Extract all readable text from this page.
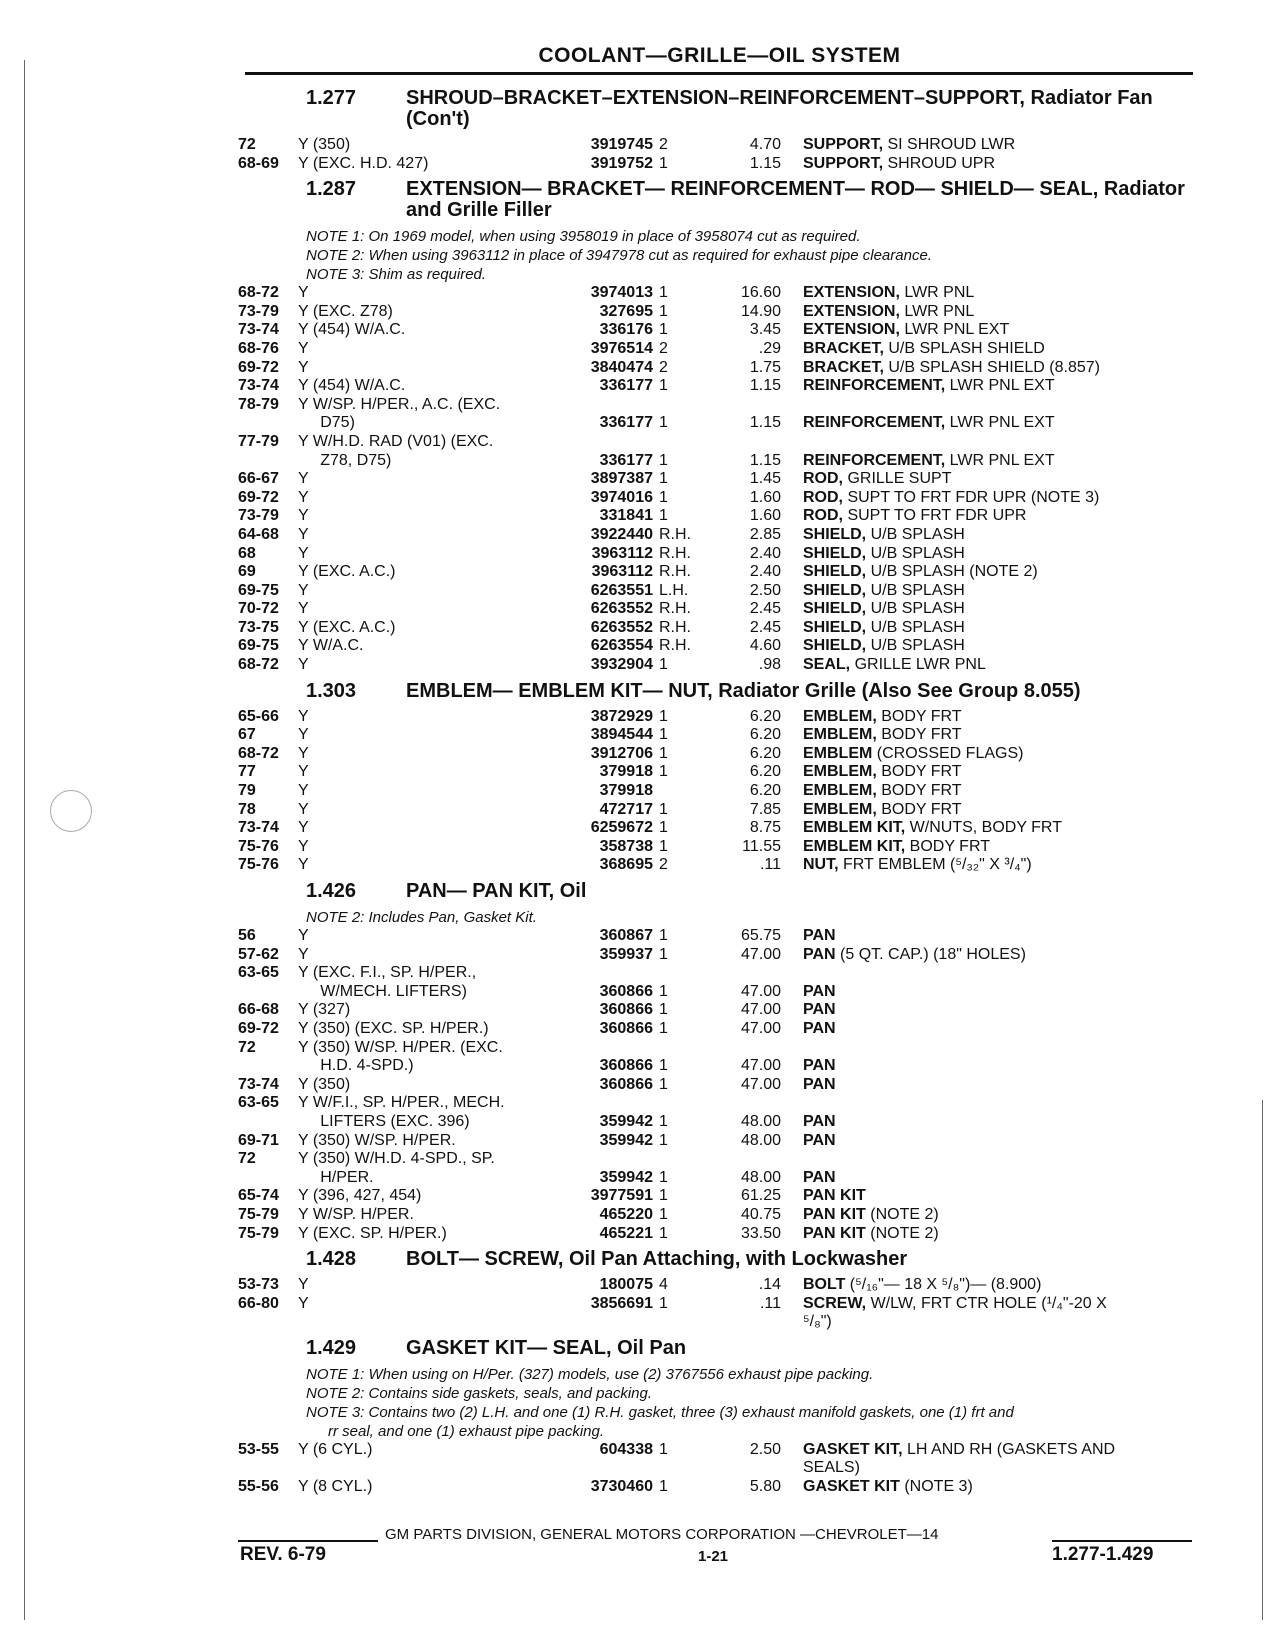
COOLANT—GRILLE—OIL SYSTEM
1.277	SHROUD–BRACKET–EXTENSION–REINFORCEMENT–SUPPORT, Radiator Fan (Con't)
72	Y (350)	3919745 2	4.70	SUPPORT, SI SHROUD LWR
68-69	Y (EXC. H.D. 427)	3919752 1	1.15	SUPPORT, SHROUD UPR
1.287	EXTENSION— BRACKET— REINFORCEMENT— ROD— SHIELD— SEAL, Radiator and Grille Filler
NOTE 1: On 1969 model, when using 3958019 in place of 3958074 cut as required.
NOTE 2: When using 3963112 in place of 3947978 cut as required for exhaust pipe clearance.
NOTE 3: Shim as required.
68-72	Y	3974013 1	16.60	EXTENSION, LWR PNL
73-79	Y (EXC. Z78)	327695 1	14.90	EXTENSION, LWR PNL
73-74	Y (454) W/A.C.	336176 1	3.45	EXTENSION, LWR PNL EXT
68-76	Y	3976514 2	.29	BRACKET, U/B SPLASH SHIELD
69-72	Y	3840474 2	1.75	BRACKET, U/B SPLASH SHIELD (8.857)
73-74	Y (454) W/A.C.	336177 1	1.15	REINFORCEMENT, LWR PNL EXT
78-79	Y W/SP. H/PER., A.C. (EXC.
D75)	336177 1	1.15	REINFORCEMENT, LWR PNL EXT
77-79	Y W/H.D. RAD (V01) (EXC.
Z78, D75)	336177 1	1.15	REINFORCEMENT, LWR PNL EXT
66-67	Y	3897387 1	1.45	ROD, GRILLE SUPT
69-72	Y	3974016 1	1.60	ROD, SUPT TO FRT FDR UPR (NOTE 3)
73-79	Y	331841 1	1.60	ROD, SUPT TO FRT FDR UPR
64-68	Y	3922440 R.H.	2.85	SHIELD, U/B SPLASH
68	Y	3963112 R.H.	2.40	SHIELD, U/B SPLASH
69	Y (EXC. A.C.)	3963112 R.H.	2.40	SHIELD, U/B SPLASH (NOTE 2)
69-75	Y	6263551 L.H.	2.50	SHIELD, U/B SPLASH
70-72	Y	6263552 R.H.	2.45	SHIELD, U/B SPLASH
73-75	Y (EXC. A.C.)	6263552 R.H.	2.45	SHIELD, U/B SPLASH
69-75	Y W/A.C.	6263554 R.H.	4.60	SHIELD, U/B SPLASH
68-72	Y	3932904 1	.98	SEAL, GRILLE LWR PNL
1.303	EMBLEM— EMBLEM KIT— NUT, Radiator Grille (Also See Group 8.055)
65-66	Y	3872929 1	6.20	EMBLEM, BODY FRT
67	Y	3894544 1	6.20	EMBLEM, BODY FRT
68-72	Y	3912706 1	6.20	EMBLEM (CROSSED FLAGS)
77	Y	379918 1	6.20	EMBLEM, BODY FRT
79	Y	379918	6.20	EMBLEM, BODY FRT
78	Y	472717 1	7.85	EMBLEM, BODY FRT
73-74	Y	6259672 1	8.75	EMBLEM KIT, W/NUTS, BODY FRT
75-76	Y	358738 1	11.55	EMBLEM KIT, BODY FRT
75-76	Y	368695 2	.11	NUT, FRT EMBLEM (⁵/₃₂" X ³/₄")
1.426	PAN— PAN KIT, Oil
NOTE 2: Includes Pan, Gasket Kit.
56	Y	360867 1	65.75	PAN
57-62	Y	359937 1	47.00	PAN (5 QT. CAP.) (18" HOLES)
63-65	Y (EXC. F.I., SP. H/PER.,
W/MECH. LIFTERS)	360866 1	47.00	PAN
66-68	Y (327)	360866 1	47.00	PAN
69-72	Y (350) (EXC. SP. H/PER.)	360866 1	47.00	PAN
72	Y (350) W/SP. H/PER. (EXC.
H.D. 4-SPD.)	360866 1	47.00	PAN
73-74	Y (350)	360866 1	47.00	PAN
63-65	Y W/F.I., SP. H/PER., MECH.
LIFTERS (EXC. 396)	359942 1	48.00	PAN
69-71	Y (350) W/SP. H/PER.	359942 1	48.00	PAN
72	Y (350) W/H.D. 4-SPD., SP.
H/PER.	359942 1	48.00	PAN
65-74	Y (396, 427, 454)	3977591 1	61.25	PAN KIT
75-79	Y W/SP. H/PER.	465220 1	40.75	PAN KIT (NOTE 2)
75-79	Y (EXC. SP. H/PER.)	465221 1	33.50	PAN KIT (NOTE 2)
1.428	BOLT— SCREW, Oil Pan Attaching, with Lockwasher
53-73	Y	180075 4	.14	BOLT (⁵/₁₆"— 18 X ⁵/₈")— (8.900)
66-80	Y	3856691 1	.11	SCREW, W/LW, FRT CTR HOLE (¹/₄"-20 X
⁵/₈")
1.429	GASKET KIT— SEAL, Oil Pan
NOTE 1: When using on H/Per. (327) models, use (2) 3767556 exhaust pipe packing.
NOTE 2: Contains side gaskets, seals, and packing.
NOTE 3: Contains two (2) L.H. and one (1) R.H. gasket, three (3) exhaust manifold gaskets, one (1) frt and
rr seal, and one (1) exhaust pipe packing.
53-55	Y (6 CYL.)	604338 1	2.50	GASKET KIT, LH AND RH (GASKETS AND
SEALS)
55-56	Y (8 CYL.)	3730460 1	5.80	GASKET KIT (NOTE 3)
GM PARTS DIVISION, GENERAL MOTORS CORPORATION —CHEVROLET—14
REV. 6-79	1-21	1.277-1.429
